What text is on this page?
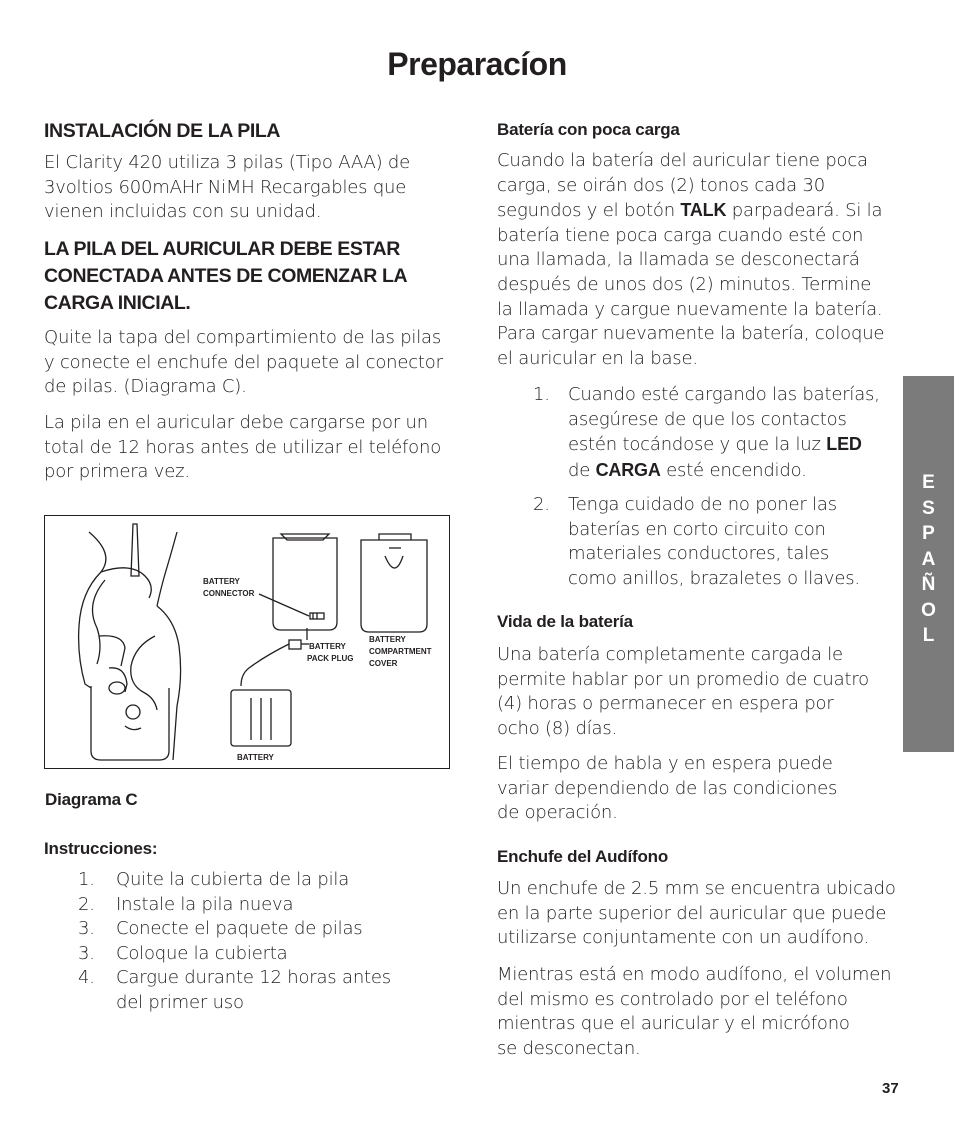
Preparacíon
INSTALACIÓN DE LA PILA
El Clarity 420 utiliza 3 pilas (Tipo AAA) de
3voltios 600mAHr NiMH Recargables que
vienen incluidas con su unidad.
LA PILA DEL AURICULAR DEBE ESTAR
CONECTADA ANTES DE COMENZAR LA
CARGA INICIAL.
Quite la tapa del compartimiento de las pilas
y conecte el enchufe del paquete al conector
de pilas. (Diagrama C).
La pila en el auricular debe cargarse por un
total de 12 horas antes de utilizar el teléfono
por primera vez.
BATTERY
CONNECTOR
BATTERY
PACK PLUG
BATTERY
COMPARTMENT
COVER
BATTERY
Diagrama C
Instrucciones:
1. Quite la cubierta de la pila
2. Instale la pila nueva
3. Conecte el paquete de pilas
3. Coloque la cubierta
4. Cargue durante 12 horas antes
del primer uso
Batería con poca carga
Cuando la batería del auricular tiene poca
carga, se oirán dos (2) tonos cada 30
segundos y el botón TALK parpadeará. Si la
batería tiene poca carga cuando esté con
una llamada, la llamada se desconectará
después de unos dos (2) minutos. Termine
la llamada y cargue nuevamente la batería.
Para cargar nuevamente la batería, coloque
el auricular en la base.
1. Cuando esté cargando las baterías,
asegúrese de que los contactos
estén tocándose y que la luz LED
de CARGA esté encendido.
2. Tenga cuidado de no poner las
baterías en corto circuito con
materiales conductores, tales
como anillos, brazaletes o llaves.
Vida de la batería
Una batería completamente cargada le
permite hablar por un promedio de cuatro
(4) horas o permanecer en espera por
ocho (8) días.
El tiempo de habla y en espera puede
variar dependiendo de las condiciones
de operación.
Enchufe del Audífono
Un enchufe de 2.5 mm se encuentra ubicado
en la parte superior del auricular que puede
utilizarse conjuntamente con un audífono.
Mientras está en modo audífono, el volumen
del mismo es controlado por el teléfono
mientras que el auricular y el micrófono
se desconectan.
E
S
P
A
Ñ
O
L
37
